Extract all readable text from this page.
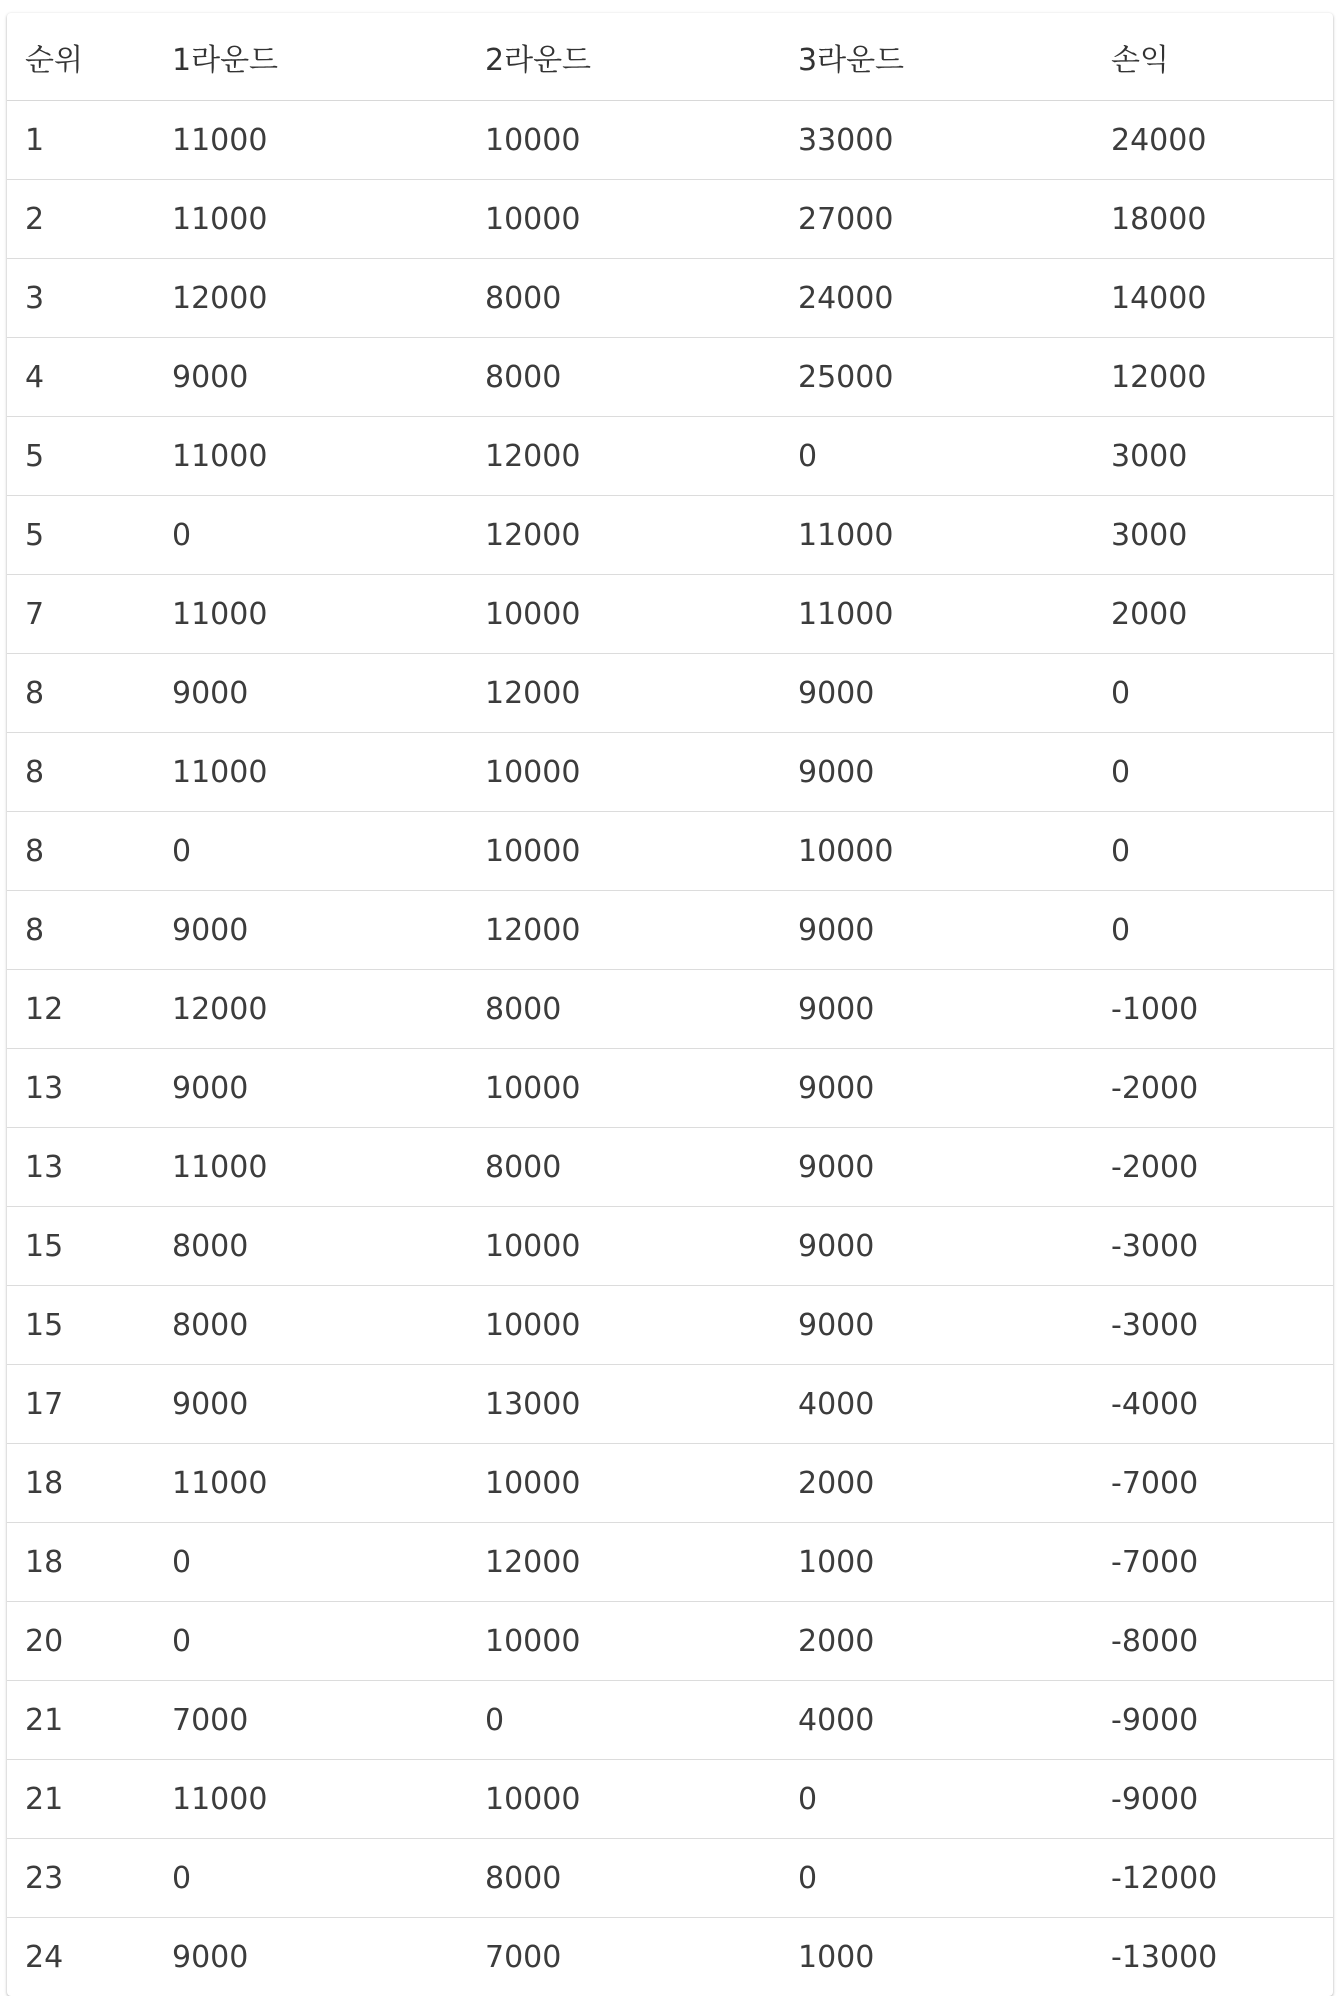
순위	1라운드	2라운드	3라운드	손익
1	11000	10000	33000	24000
2	11000	10000	27000	18000
3	12000	8000	24000	14000
4	9000	8000	25000	12000
5	11000	12000	0	3000
5	0	12000	11000	3000
7	11000	10000	11000	2000
8	9000	12000	9000	0
8	11000	10000	9000	0
8	0	10000	10000	0
8	9000	12000	9000	0
12	12000	8000	9000	-1000
13	9000	10000	9000	-2000
13	11000	8000	9000	-2000
15	8000	10000	9000	-3000
15	8000	10000	9000	-3000
17	9000	13000	4000	-4000
18	11000	10000	2000	-7000
18	0	12000	1000	-7000
20	0	10000	2000	-8000
21	7000	0	4000	-9000
21	11000	10000	0	-9000
23	0	8000	0	-12000
24	9000	7000	1000	-13000
